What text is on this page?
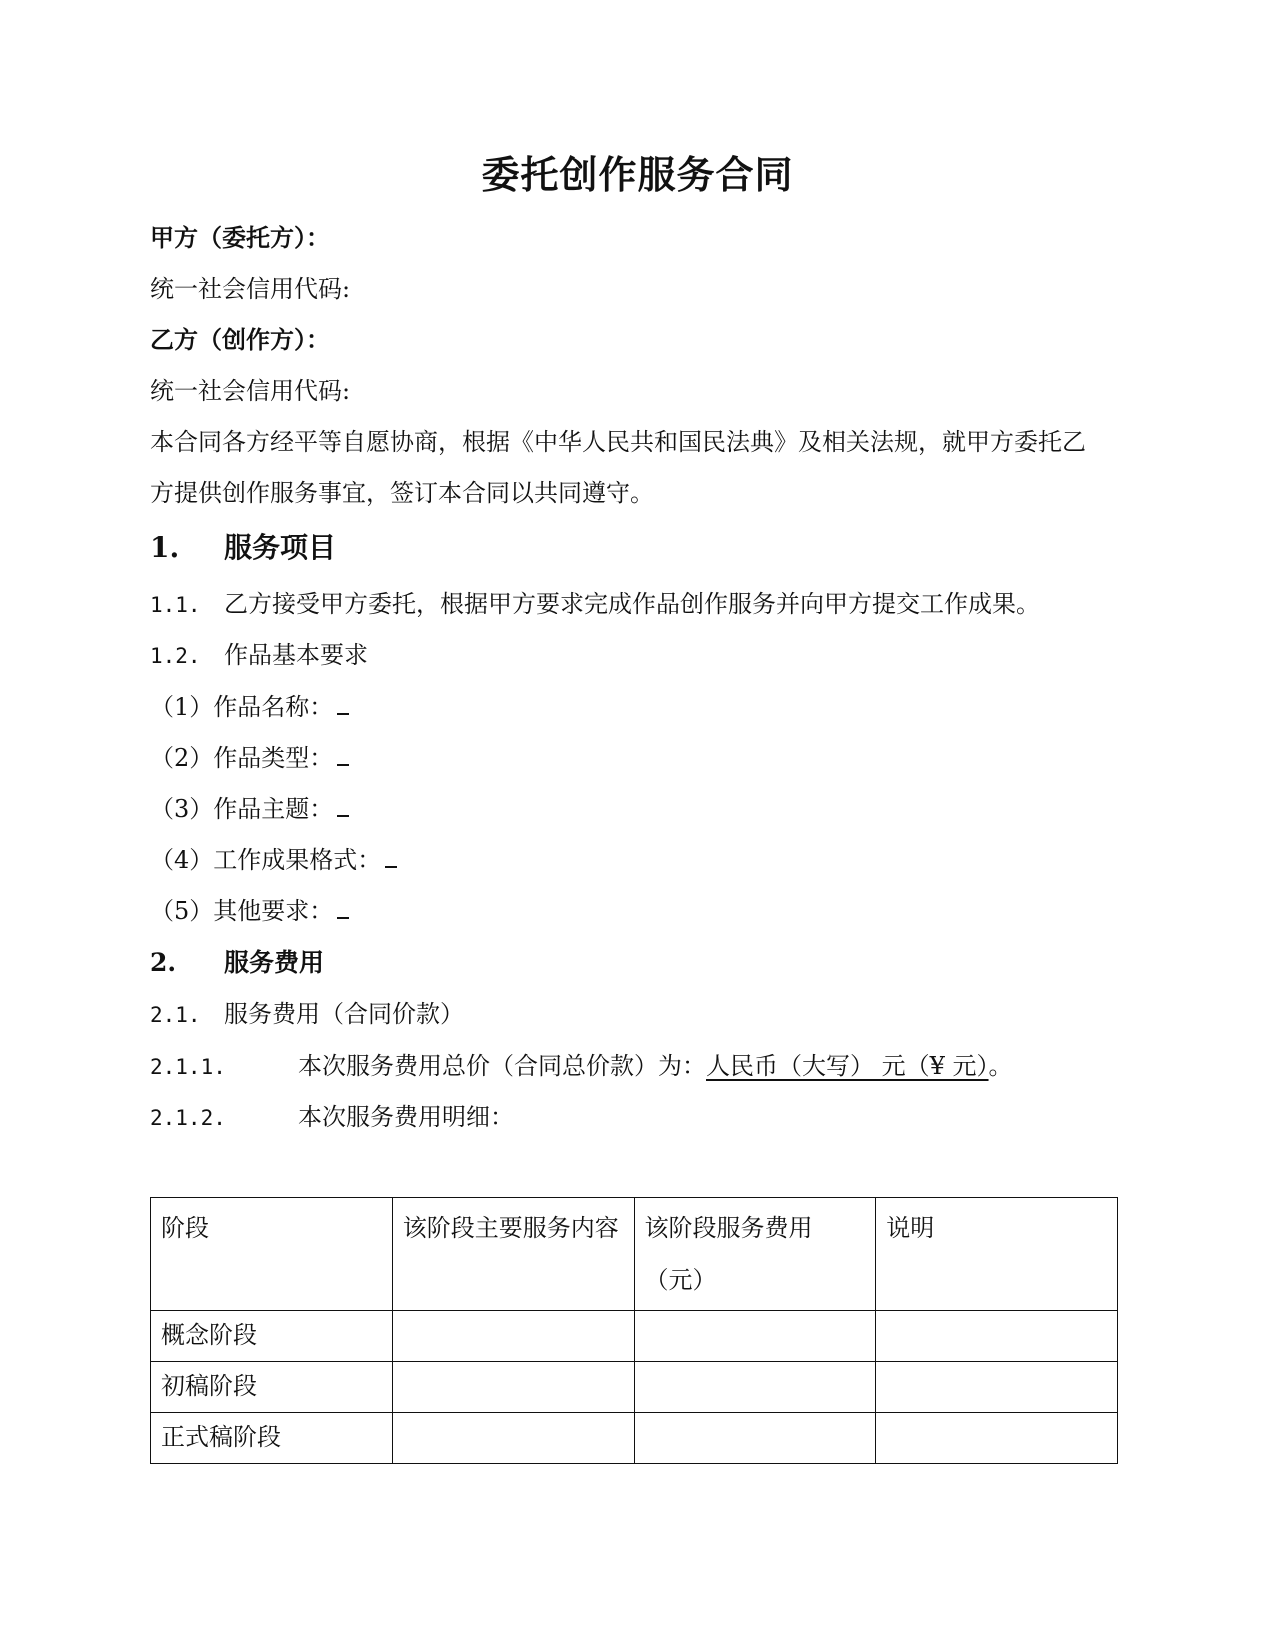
委托创作服务合同
甲方（委托方）：
统一社会信用代码:
乙方（创作方）：
统一社会信用代码:
本合同各方经平等自愿协商，根据《中华人民共和国民法典》及相关法规，就甲方委托乙
方提供创作服务事宜，签订本合同以共同遵守。
1. 服务项目
1.1. 乙方接受甲方委托，根据甲方要求完成作品创作服务并向甲方提交工作成果。
1.2. 作品基本要求
（1）作品名称：
（2）作品类型：
（3）作品主题：
（4）工作成果格式：
（5）其他要求：
2. 服务费用
2.1. 服务费用（合同价款）
2.1.1.	本次服务费用总价（合同总价款）为：人民币（大写） 元（¥ 元）。
2.1.2.	本次服务费用明细：
阶段	该阶段主要服务内容	该阶段服务费用（元）	说明
概念阶段			
初稿阶段			
正式稿阶段			
